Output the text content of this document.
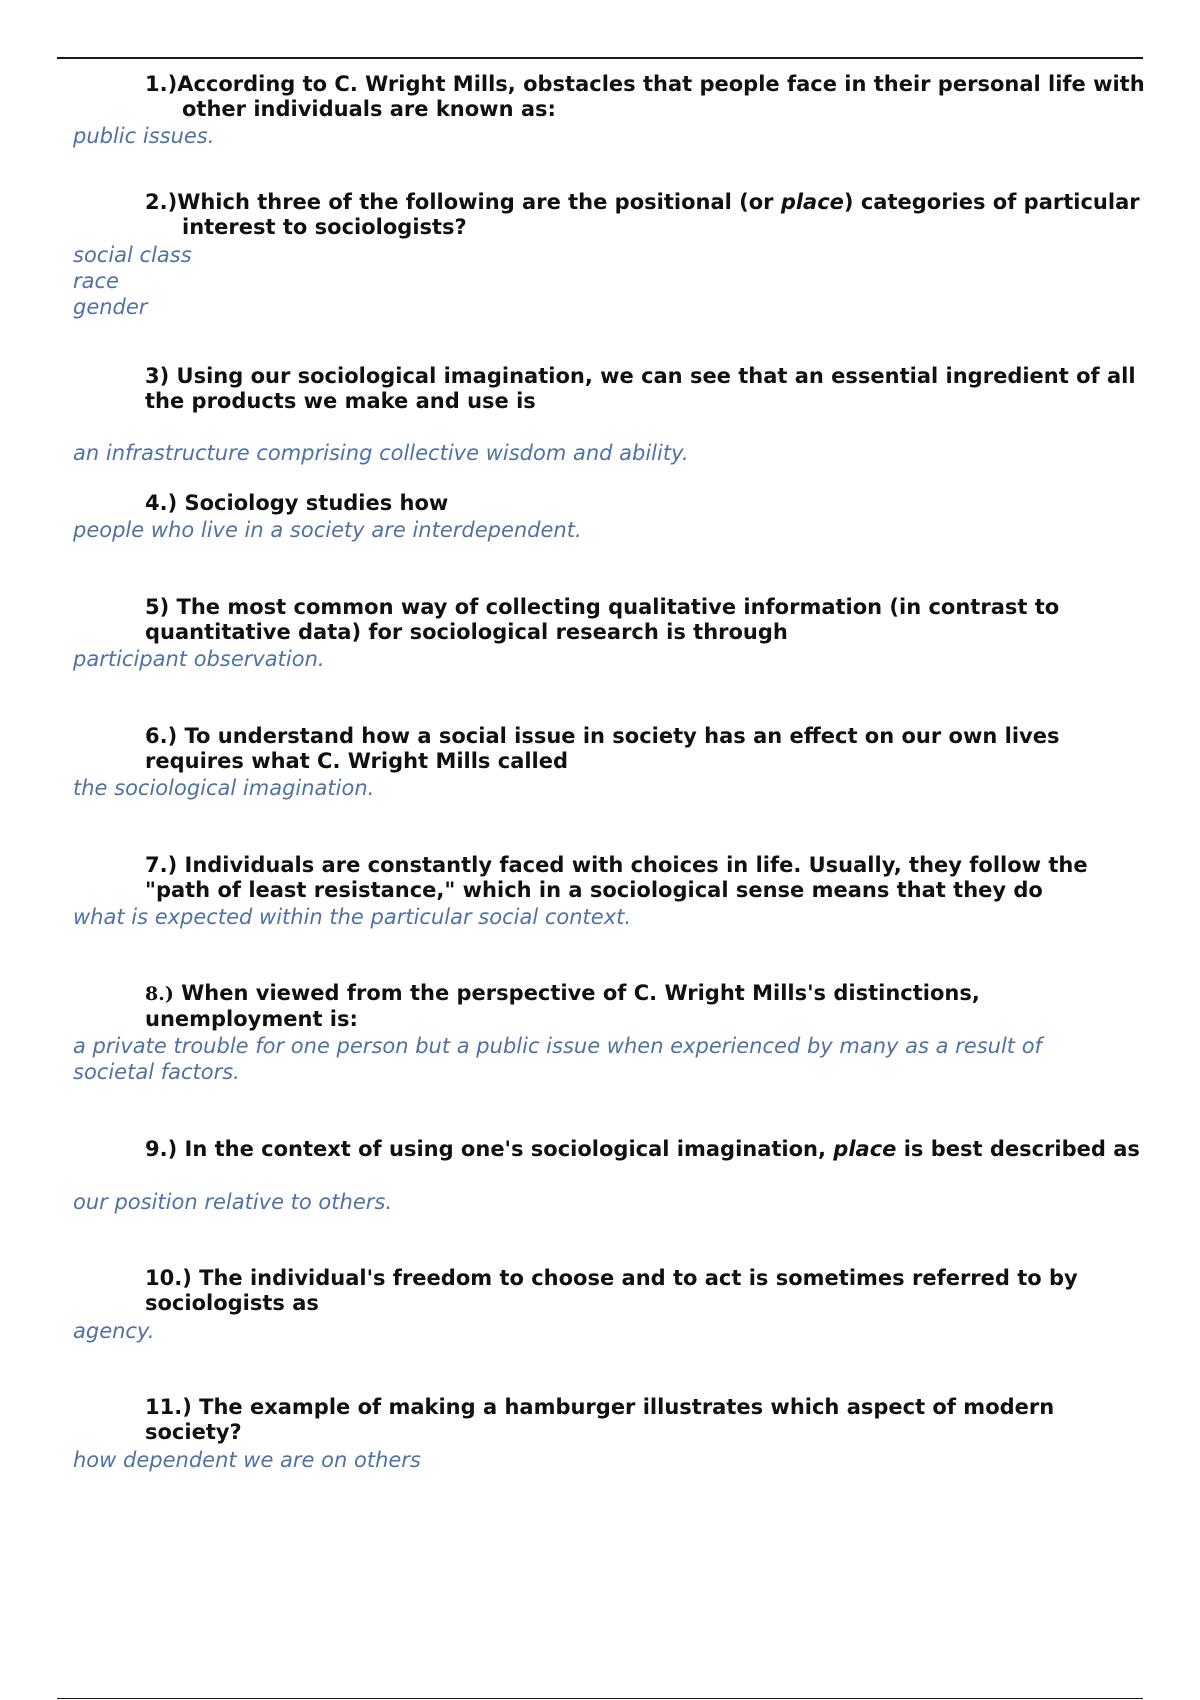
1.)According to C. Wright Mills, obstacles that people face in their personal life with other individuals are known as:
public issues.
2.)Which three of the following are the positional (or place) categories of particular interest to sociologists?
social class
race
gender
3) Using our sociological imagination, we can see that an essential ingredient of all the products we make and use is
an infrastructure comprising collective wisdom and ability.
4.) Sociology studies how
people who live in a society are interdependent.
5) The most common way of collecting qualitative information (in contrast to quantitative data) for sociological research is through
participant observation.
6.) To understand how a social issue in society has an effect on our own lives requires what C. Wright Mills called
the sociological imagination.
7.) Individuals are constantly faced with choices in life. Usually, they follow the "path of least resistance," which in a sociological sense means that they do
what is expected within the particular social context.
8.) When viewed from the perspective of C. Wright Mills's distinctions, unemployment is:
a private trouble for one person but a public issue when experienced by many as a result of societal factors.
9.) In the context of using one's sociological imagination, place is best described as
our position relative to others.
10.) The individual's freedom to choose and to act is sometimes referred to by sociologists as
agency.
11.) The example of making a hamburger illustrates which aspect of modern society?
how dependent we are on others
